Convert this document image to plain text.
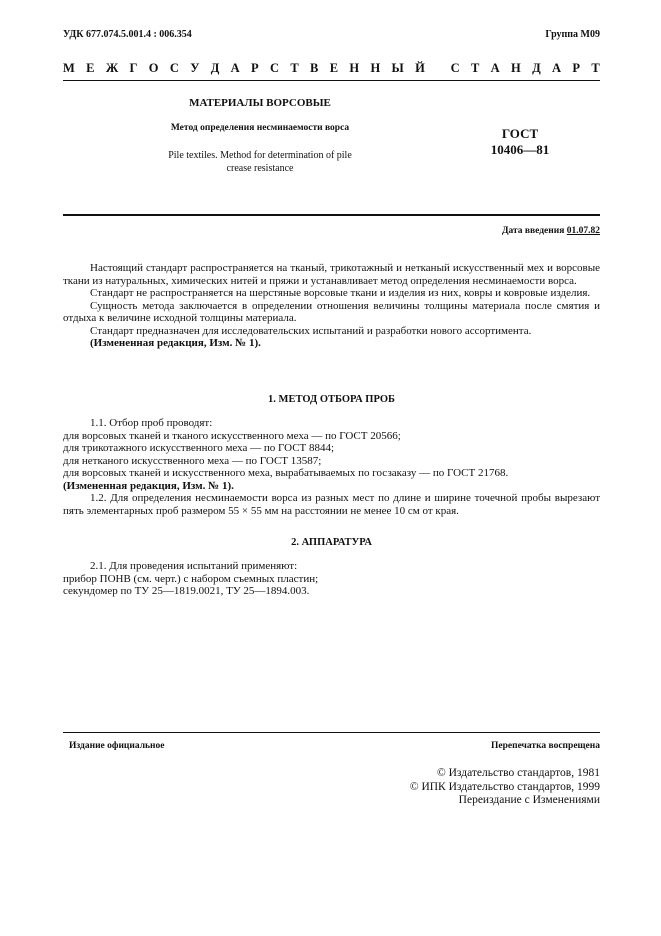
УДК 677.074.5.001.4 : 006.354	Группа М09
М Е Ж Г О С У Д А Р С Т В Е Н Н Ы Й
С Т А Н Д А Р Т
МАТЕРИАЛЫ ВОРСОВЫЕ
Метод определения несминаемости ворса
Pile textiles. Method for determination of pile
crease resistance
ГОСТ
10406—81
Дата введения 01.07.82

Настоящий стандарт распространяется на тканый, трикотажный и нетканый искусственный мех и ворсовые ткани из натуральных, химических нитей и пряжи и устанавливает метод определения несминаемости ворса.

Стандарт не распространяется на шерстяные ворсовые ткани и изделия из них, ковры и ковровые изделия.

Сущность метода заключается в определении отношения величины толщины материала после смятия и отдыха к величине исходной толщины материала.

Стандарт предназначен для исследовательских испытаний и разработки нового ассортимента.

(Измененная редакция, Изм. № 1).

1. МЕТОД ОТБОРА ПРОБ

1.1. Отбор проб проводят:

для ворсовых тканей и тканого искусственного меха — по ГОСТ 20566;

для трикотажного искусственного меха — по ГОСТ 8844;

для нетканого искусственного меха — по ГОСТ 13587;

для ворсовых тканей и искусственного меха, вырабатываемых по госзаказу — по ГОСТ 21768.

(Измененная редакция, Изм. № 1).

1.2. Для определения несминаемости ворса из разных мест по длине и ширине точечной пробы вырезают пять элементарных проб размером 55 × 55 мм на расстоянии не менее 10 см от края.

2. АППАРАТУРА

2.1. Для проведения испытаний применяют:

прибор ПОНВ (см. черт.) с набором съемных пластин;

секундомер по ТУ 25—1819.0021, ТУ 25—1894.003.

Издание официальное	Перепечатка воспрещена
© Издательство стандартов, 1981
© ИПК Издательство стандартов, 1999
Переиздание с Изменениями
